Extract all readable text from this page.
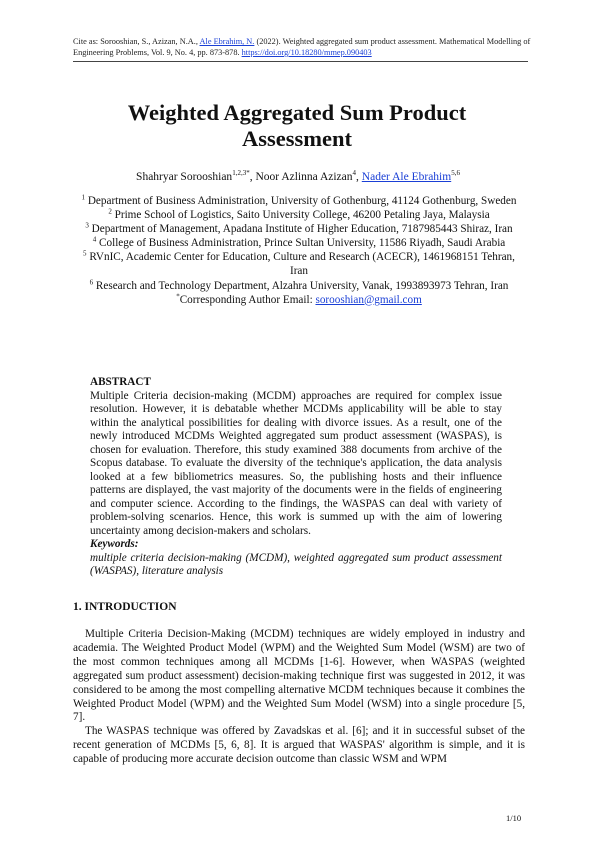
Cite as: Sorooshian, S., Azizan, N.A., Ale Ebrahim, N. (2022). Weighted aggregated sum product assessment. Mathematical Modelling of Engineering Problems, Vol. 9, No. 4, pp. 873-878. https://doi.org/10.18280/mmep.090403
Weighted Aggregated Sum Product Assessment
Shahryar Sorooshian$^{1,2,3*}$, Noor Azlinna Azizan$^4$, Nader Ale Ebrahim$^{5,6}$
$^1$ Department of Business Administration, University of Gothenburg, 41124 Gothenburg, Sweden
$^2$ Prime School of Logistics, Saito University College, 46200 Petaling Jaya, Malaysia
$^3$ Department of Management, Apadana Institute of Higher Education, 7187985443 Shiraz, Iran
$^4$ College of Business Administration, Prince Sultan University, 11586 Riyadh, Saudi Arabia
$^5$ RVnIC, Academic Center for Education, Culture and Research (ACECR), 1461968151 Tehran, Iran
$^6$ Research and Technology Department, Alzahra University, Vanak, 1993893973 Tehran, Iran
*Corresponding Author Email: sorooshian@gmail.com
ABSTRACT
Multiple Criteria decision-making (MCDM) approaches are required for complex issue resolution. However, it is debatable whether MCDMs applicability will be able to stay within the analytical possibilities for dealing with divorce issues. As a result, one of the newly introduced MCDMs Weighted aggregated sum product assessment (WASPAS), is chosen for evaluation. Therefore, this study examined 388 documents from archive of the Scopus database. To evaluate the diversity of the technique's application, the data analysis looked at a few bibliometrics measures. So, the publishing hosts and their influence patterns are displayed, the vast majority of the documents were in the fields of engineering and computer science. According to the findings, the WASPAS can deal with variety of problem-solving scenarios. Hence, this work is summed up with the aim of lowering uncertainty among decision-makers and scholars.
Keywords:
multiple criteria decision-making (MCDM), weighted aggregated sum product assessment (WASPAS), literature analysis
1. INTRODUCTION

Multiple Criteria Decision-Making (MCDM) techniques are widely employed in industry and academia. The Weighted Product Model (WPM) and the Weighted Sum Model (WSM) are two of the most common techniques among all MCDMs [1-6]. However, when WASPAS (weighted aggregated sum product assessment) decision-making technique first was suggested in 2012, it was considered to be among the most compelling alternative MCDM techniques because it combines the Weighted Product Model (WPM) and the Weighted Sum Model (WSM) into a single procedure [5, 7].

The WASPAS technique was offered by Zavadskas et al. [6]; and it in successful subset of the recent generation of MCDMs [5, 6, 8]. It is argued that WASPAS' algorithm is simple, and it is capable of producing more accurate decision outcome than classic WSM and WPM

1/10
